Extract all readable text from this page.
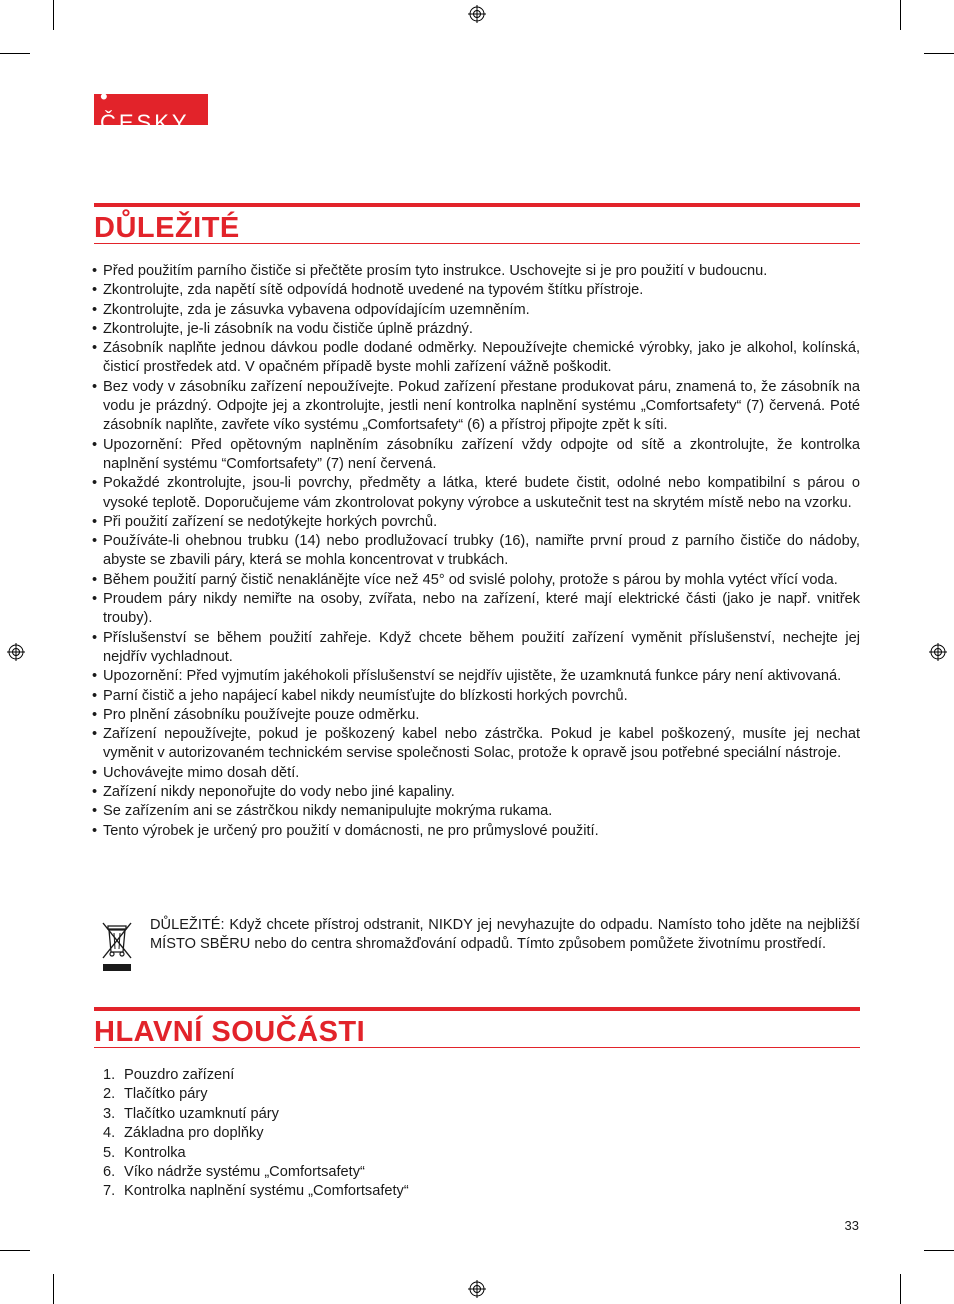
• ČESKY
DŮLEŽITÉ
• Před použitím parního čističe si přečtěte prosím tyto instrukce. Uschovejte si je pro použití v budoucnu.
• Zkontrolujte, zda napětí sítě odpovídá hodnotě uvedené na typovém štítku přístroje.
• Zkontrolujte, zda je zásuvka vybavena odpovídajícím uzemněním.
• Zkontrolujte, je-li zásobník na vodu čističe úplně prázdný.
• Zásobník naplňte jednou dávkou podle dodané odměrky. Nepoužívejte chemické výrobky, jako je alkohol, kolínská, čisticí prostředek atd. V opačném případě byste mohli zařízení vážně poškodit.
• Bez vody v zásobníku zařízení nepoužívejte. Pokud zařízení přestane produkovat páru, znamená to, že zásobník na vodu je prázdný. Odpojte jej a zkontrolujte, jestli není kontrolka naplnění systému „Comfortsafety“ (7) červená. Poté zásobník naplňte, zavřete víko systému „Comfortsafety“ (6) a přístroj připojte zpět k síti.
• Upozornění: Před opětovným naplněním zásobníku zařízení vždy odpojte od sítě a zkontrolujte, že kontrolka naplnění systému “Comfortsafety” (7) není červená.
• Pokaždé zkontrolujte, jsou-li povrchy, předměty a látka, které budete čistit, odolné nebo kompatibilní s párou o vysoké teplotě. Doporučujeme vám zkontrolovat pokyny výrobce a uskutečnit test na skrytém místě nebo na vzorku.
• Při použití zařízení se nedotýkejte horkých povrchů.
• Používáte-li ohebnou trubku (14) nebo prodlužovací trubky (16), namiřte první proud z parního čističe do nádoby, abyste se zbavili páry, která se mohla koncentrovat v trubkách.
• Během použití parný čistič nenaklánějte více než 45° od svislé polohy, protože s párou by mohla vytéct vřící voda.
• Proudem páry nikdy nemiřte na osoby, zvířata, nebo na zařízení, které mají elektrické části (jako je např. vnitřek trouby).
• Příslušenství se během použití zahřeje. Když chcete během použití zařízení vyměnit příslušenství, nechejte jej nejdřív vychladnout.
• Upozornění: Před vyjmutím jakéhokoli příslušenství se nejdřív ujistěte, že uzamknutá funkce páry není aktivovaná.
• Parní čistič a jeho napájecí kabel nikdy neumísťujte do blízkosti horkých povrchů.
• Pro plnění zásobníku používejte pouze odměrku.
• Zařízení nepoužívejte, pokud je poškozený kabel nebo zástrčka. Pokud je kabel poškozený, musíte jej nechat vyměnit v autorizovaném technickém servise společnosti Solac, protože k opravě jsou potřebné speciální nástroje.
• Uchovávejte mimo dosah dětí.
• Zařízení nikdy neponořujte do vody nebo jiné kapaliny.
• Se zařízením ani se zástrčkou nikdy nemanipulujte mokrýma rukama.
• Tento výrobek je určený pro použití v domácnosti, ne pro průmyslové použití.
DŮLEŽITÉ: Když chcete přístroj odstranit, NIKDY jej nevyhazujte do odpadu. Namísto toho jděte na nejbližší MÍSTO SBĚRU nebo do centra shromažďování odpadů. Tímto způsobem pomůžete životnímu prostředí.
HLAVNÍ SOUČÁSTI
1. Pouzdro zařízení
2. Tlačítko páry
3. Tlačítko uzamknutí páry
4. Základna pro doplňky
5. Kontrolka
6. Víko nádrže systému „Comfortsafety“
7. Kontrolka naplnění systému „Comfortsafety“
33
